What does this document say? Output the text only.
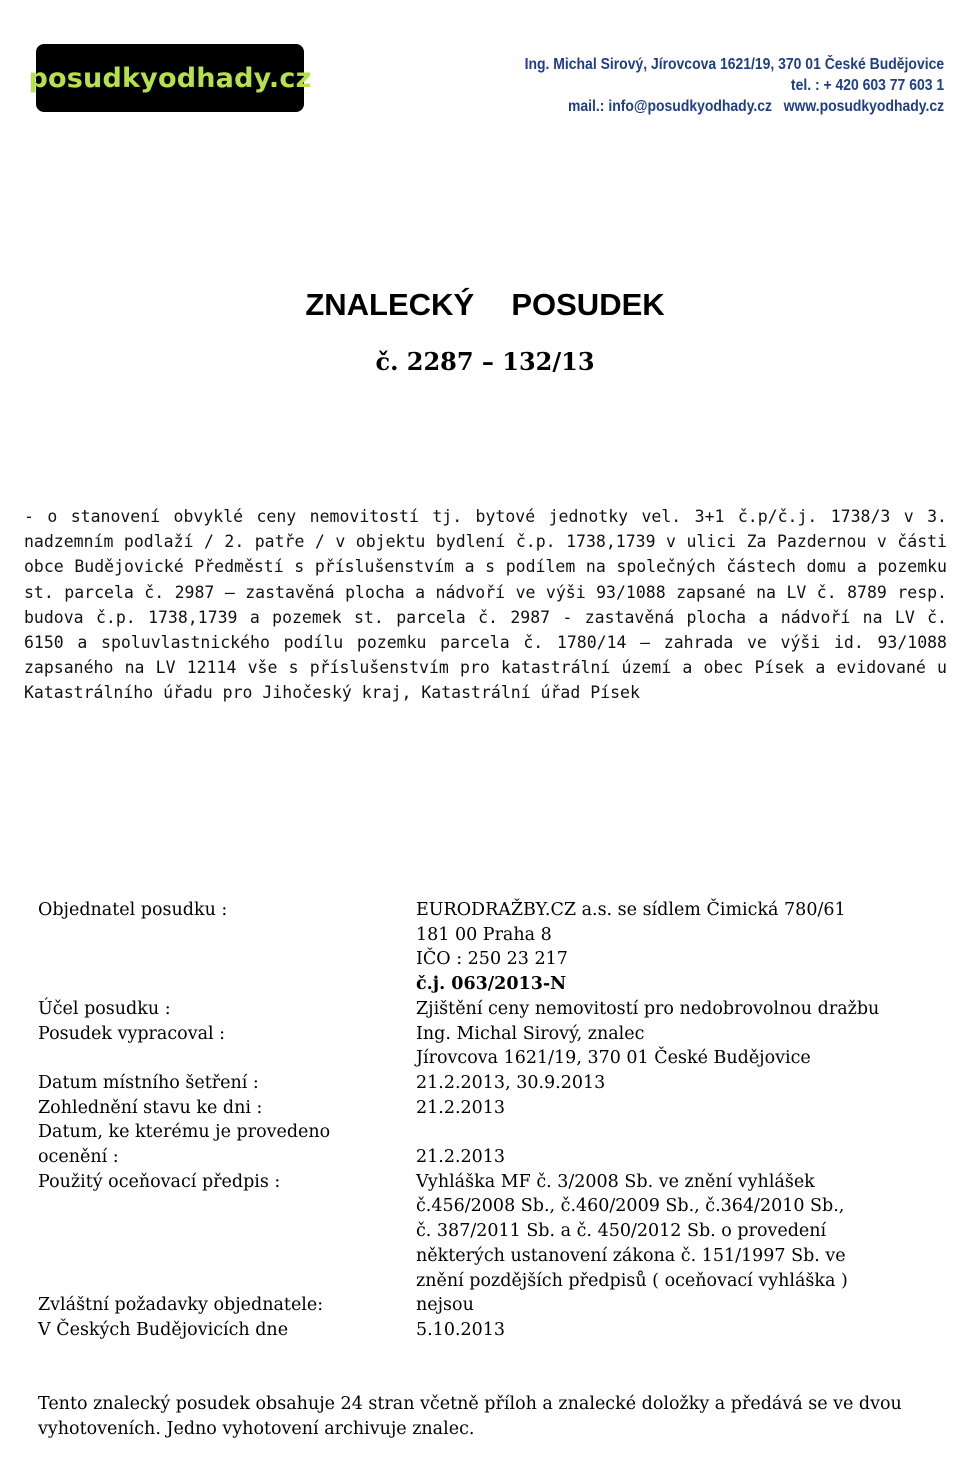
posudkyodhady.cz	Ing. Michal Sirový, Jírovcova 1621/19, 370 01 České Budějovice
tel. : + 420 603 77 603 1
mail.: info@posudkyodhady.cz   www.posudkyodhady.cz
ZNALECKÝ  POSUDEK
č. 2287 – 132/13
- o stanovení obvyklé ceny nemovitostí tj. bytové jednotky vel. 3+1 č.p/č.j. 1738/3 v 3. nadzemním podlaží / 2. patře / v objektu bydlení č.p. 1738,1739 v ulici Za Pazdernou v části obce Budějovické Předměstí s příslušenstvím a s podílem na společných částech domu a pozemku st. parcela č. 2987 – zastavěná plocha a nádvoří ve výši 93/1088 zapsané na LV č. 8789 resp. budova č.p. 1738,1739 a pozemek st. parcela č. 2987 - zastavěná plocha a nádvoří na LV č. 6150 a spoluvlastnického podílu pozemku parcela č. 1780/14 – zahrada ve výši id. 93/1088 zapsaného na LV 12114 vše s příslušenstvím pro katastrální území a obec Písek a evidované u Katastrálního úřadu pro Jihočeský kraj, Katastrální úřad Písek
Objednatel posudku :	EURODRAŽBY.CZ a.s. se sídlem Čimická 780/61
181 00 Praha 8
IČO : 250 23 217
č.j. 063/2013-N
Účel posudku :	Zjištění ceny nemovitostí pro nedobrovolnou dražbu
Posudek vypracoval :	Ing. Michal Sirový, znalec
Jírovcova 1621/19, 370 01 České Budějovice
Datum místního šetření :	21.2.2013, 30.9.2013
Zohlednění stavu ke dni :	21.2.2013
Datum, ke kterému je provedeno
ocenění :
	21.2.2013
Použitý oceňovací předpis :	Vyhláška MF č. 3/2008 Sb. ve znění vyhlášek
č.456/2008 Sb., č.460/2009 Sb., č.364/2010 Sb.,
č. 387/2011 Sb. a č. 450/2012 Sb. o provedení
některých ustanovení zákona č. 151/1997 Sb. ve
znění pozdějších předpisů ( oceňovací vyhláška )
Zvláštní požadavky objednatele:	nejsou
V Českých Budějovicích dne	5.10.2013
Tento znalecký posudek obsahuje 24 stran včetně příloh a znalecké doložky a předává se ve dvou vyhotoveních. Jedno vyhotovení archivuje znalec.
